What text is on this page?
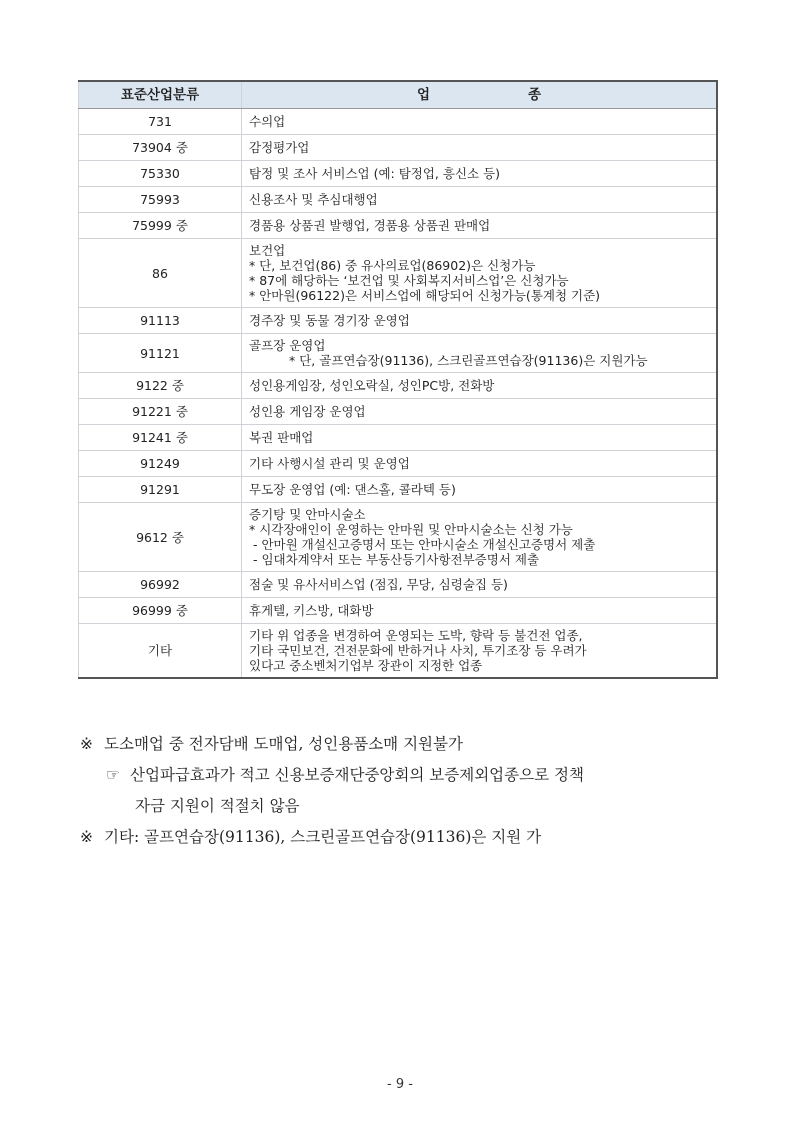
표준산업분류	업 종
731	수의업

73904 중	감정평가업

75330	탐정 및 조사 서비스업 (예: 탐정업, 흥신소 등)

75993	신용조사 및 추심대행업

75999 중	경품용 상품권 발행업, 경품용 상품권 판매업

86	보건업
* 단, 보건업(86) 중 유사의료업(86902)은 신청가능
* 87에 해당하는 ‘보건업 및 사회복지서비스업’은 신청가능
* 안마원(96122)은 서비스업에 해당되어 신청가능(통계청 기준)

91113	경주장 및 동물 경기장 운영업

91121	골프장 운영업
* 단, 골프연습장(91136), 스크린골프연습장(91136)은 지원가능

9122 중	성인용게임장, 성인오락실, 성인PC방, 전화방

91221 중	성인용 게임장 운영업

91241 중	복권 판매업

91249	기타 사행시설 관리 및 운영업

91291	무도장 운영업 (예: 댄스홀, 콜라텍 등)

9612 중	증기탕 및 안마시술소
* 시각장애인이 운영하는 안마원 및 안마시술소는 신청 가능
- 안마원 개설신고증명서 또는 안마시술소 개설신고증명서 제출
- 임대차계약서 또는 부동산등기사항전부증명서 제출

96992	점술 및 유사서비스업 (점집, 무당, 심령술집 등)

96999 중	휴게텔, 키스방, 대화방

기타	기타 위 업종을 변경하여 운영되는 도박, 향락 등 불건전 업종,
기타 국민보건, 건전문화에 반하거나 사치, 투기조장 등 우려가
있다고 중소벤처기업부 장관이 지정한 업종
※ 도소매업 중 전자담배 도매업, 성인용품소매 지원불가
☞ 산업파급효과가 적고 신용보증재단중앙회의 보증제외업종으로 정책
자금 지원이 적절치 않음
※ 기타: 골프연습장(91136), 스크린골프연습장(91136)은 지원 가
- 9 -
